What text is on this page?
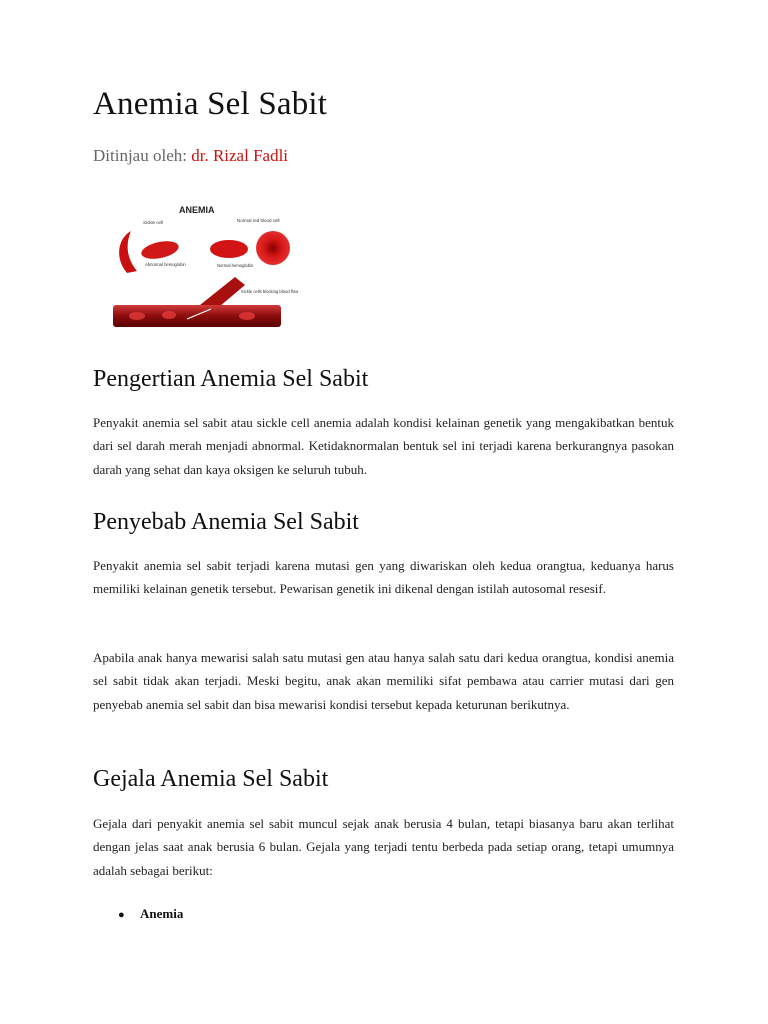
Anemia Sel Sabit
Ditinjau oleh: dr. Rizal Fadli
ANEMIA
Sickle cell	Normal red blood cell
Abnormal hemoglobin	Normal hemoglobin
Sickle cells blocking blood flow
Pengertian Anemia Sel Sabit

Penyakit anemia sel sabit atau sickle cell anemia adalah kondisi kelainan genetik yang mengakibatkan bentuk dari sel darah merah menjadi abnormal. Ketidaknormalan bentuk sel ini terjadi karena berkurangnya pasokan darah yang sehat dan kaya oksigen ke seluruh tubuh.

Penyebab Anemia Sel Sabit

Penyakit anemia sel sabit terjadi karena mutasi gen yang diwariskan oleh kedua orangtua, keduanya harus memiliki kelainan genetik tersebut. Pewarisan genetik ini dikenal dengan istilah autosomal resesif.

Apabila anak hanya mewarisi salah satu mutasi gen atau hanya salah satu dari kedua orangtua, kondisi anemia sel sabit tidak akan terjadi. Meski begitu, anak akan memiliki sifat pembawa atau carrier mutasi dari gen penyebab anemia sel sabit dan bisa mewarisi kondisi tersebut kepada keturunan berikutnya.

Gejala Anemia Sel Sabit

Gejala dari penyakit anemia sel sabit muncul sejak anak berusia 4 bulan, tetapi biasanya baru akan terlihat dengan jelas saat anak berusia 6 bulan. Gejala yang terjadi tentu berbeda pada setiap orang, tetapi umumnya adalah sebagai berikut:

● Anemia
